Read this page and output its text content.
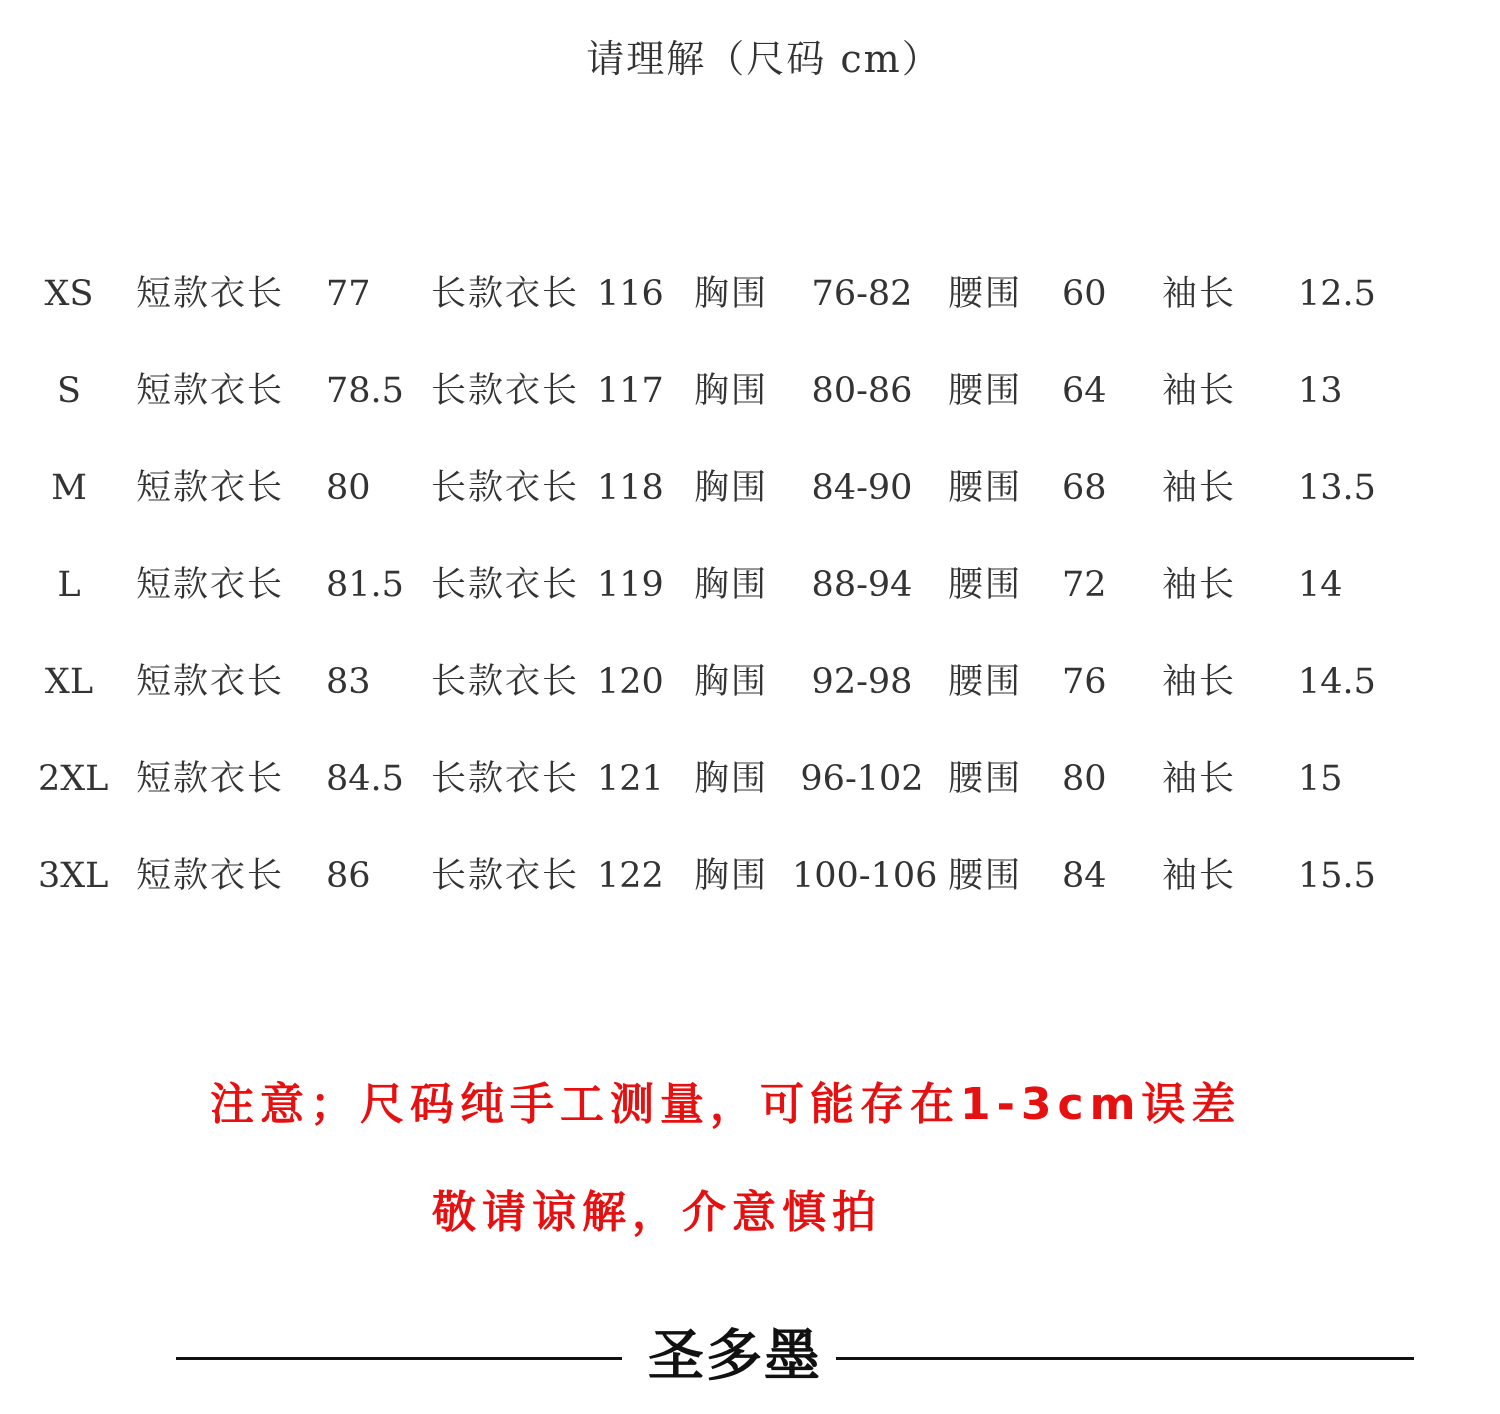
请理解（尺码 cm）
XS 短款衣长 77 长款衣长 116 胸围	76-82	腰围 60 袖长 12.5
S	短款衣长 78.5 长款衣长 117 胸围	80-86	腰围 64 袖长 13
M	短款衣长 80 长款衣长 118 胸围	84-90	腰围 68 袖长 13.5
L	短款衣长 81.5 长款衣长 119 胸围	88-94	腰围 72 袖长 14
XL 短款衣长 83 长款衣长 120 胸围	92-98	腰围 76 袖长 14.5
2XL 短款衣长 84.5 长款衣长 121 胸围 96-102 腰围 80 袖长 15
3XL 短款衣长 86 长款衣长 122 胸围 100-106 腰围 84 袖长 15.5
注意；尺码纯手工测量，可能存在1-3cm误差
敬请谅解，介意慎拍
圣多墨
